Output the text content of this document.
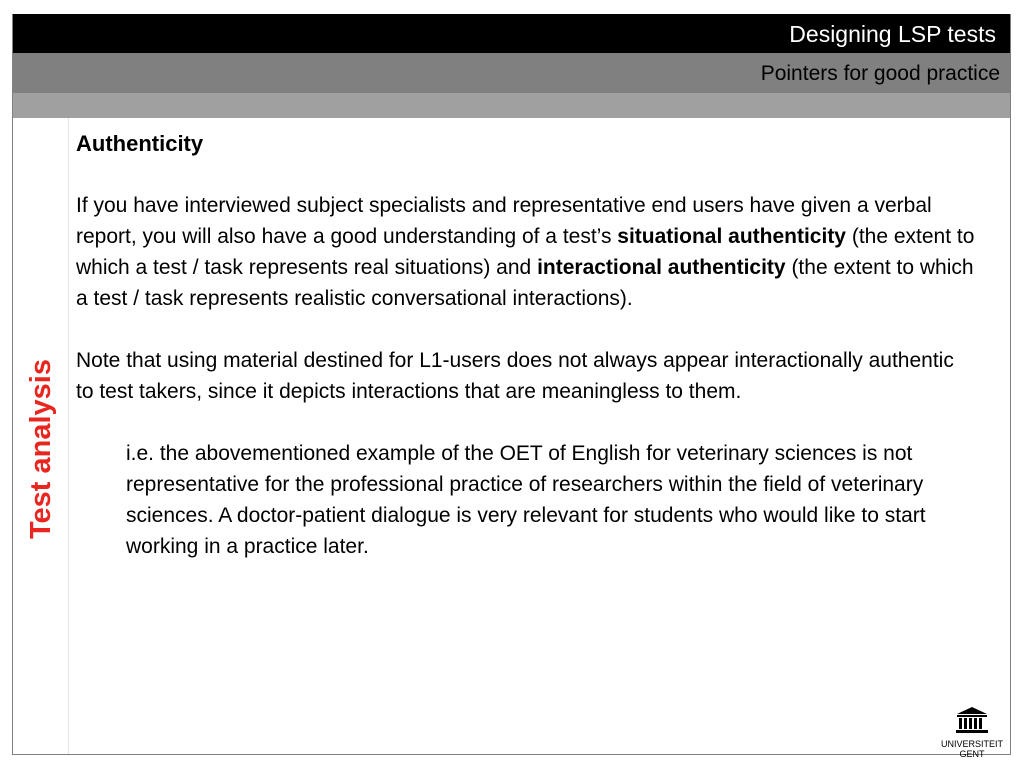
Designing LSP tests
Pointers for good practice
Test analysis

Authenticity

If you have interviewed subject specialists and representative end users have given a verbal report, you will also have a good understanding of a test’s situational authenticity (the extent to which a test / task represents real situations) and interactional authenticity (the extent to which a test / task represents realistic conversational interactions).

Note that using material destined for L1-users does not always appear interactionally authentic to test takers, since it depicts interactions that are meaningless to them.

i.e. the abovementioned example of the OET of English for veterinary sciences is not representative for the professional practice of researchers within the field of veterinary sciences. A doctor-patient dialogue is very relevant for students who would like to start working in a practice later.

UNIVERSITEIT
GENT
